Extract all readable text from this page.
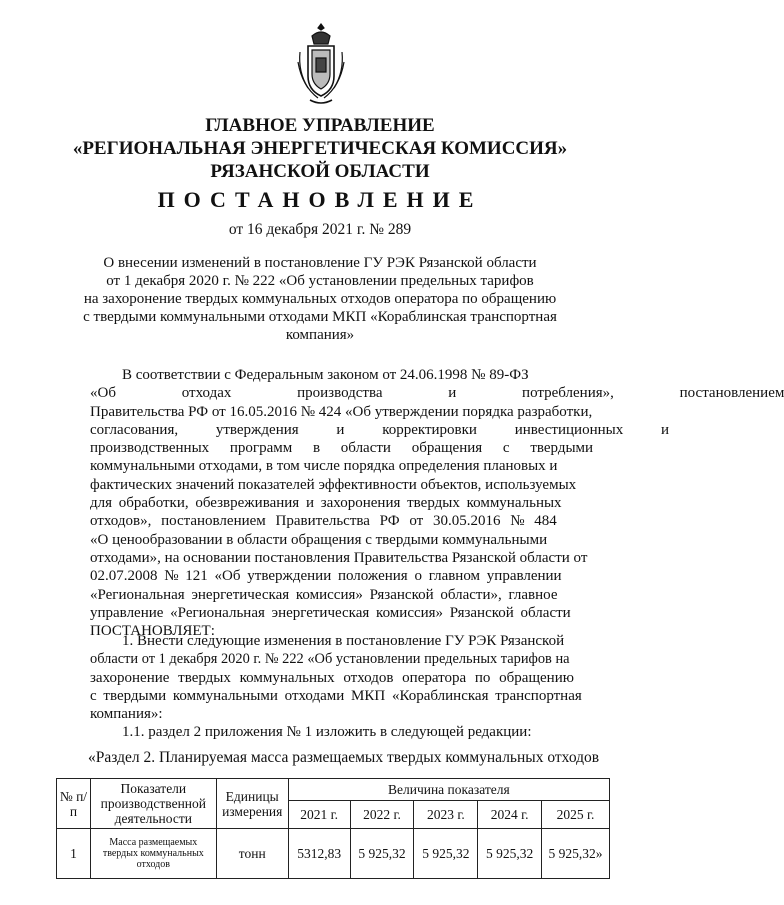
ГЛАВНОЕ УПРАВЛЕНИЕ
«РЕГИОНАЛЬНАЯ ЭНЕРГЕТИЧЕСКАЯ КОМИССИЯ»
РЯЗАНСКОЙ ОБЛАСТИ
ПОСТАНОВЛЕНИЕ
от 16 декабря 2021 г. № 289
О внесении изменений в постановление ГУ РЭК Рязанской области
от 1 декабря 2020 г. № 222 «Об установлении предельных тарифов
на захоронение твердых коммунальных отходов оператора по обращению
с твердыми коммунальными отходами МКП «Кораблинская транспортная
компания»
В соответствии с Федеральным законом от 24.06.1998 № 89-ФЗ
«Об отходах производства и потребления», постановлением
Правительства РФ от 16.05.2016 № 424 «Об утверждении порядка разработки,
согласования, утверждения и корректировки инвестиционных и
производственных программ в области обращения с твердыми
коммунальными отходами, в том числе порядка определения плановых и
фактических значений показателей эффективности объектов, используемых
для обработки, обезвреживания и захоронения твердых коммунальных
отходов», постановлением Правительства РФ от 30.05.2016 № 484
«О ценообразовании в области обращения с твердыми коммунальными
отходами», на основании постановления Правительства Рязанской области от
02.07.2008 № 121 «Об утверждении положения о главном управлении
«Региональная энергетическая комиссия» Рязанской области», главное
управление «Региональная энергетическая комиссия» Рязанской области
ПОСТАНОВЛЯЕТ:
1. Внести следующие изменения в постановление ГУ РЭК Рязанской
области от 1 декабря 2020 г. № 222 «Об установлении предельных тарифов на
захоронение твердых коммунальных отходов оператора по обращению
с твердыми коммунальными отходами МКП «Кораблинская транспортная
компания»:
1.1. раздел 2 приложения № 1 изложить в следующей редакции:
«Раздел 2. Планируемая масса размещаемых твердых коммунальных отходов
№ п/п	Показатели производственной деятельности	Единицы измерения	Величина показателя				
			2021 г.	2022 г.	2023 г.	2024 г.	2025 г.
1	Масса размещаемых твердых коммунальных отходов	тонн	5312,83	5 925,32	5 925,32	5 925,32	5 925,32»
